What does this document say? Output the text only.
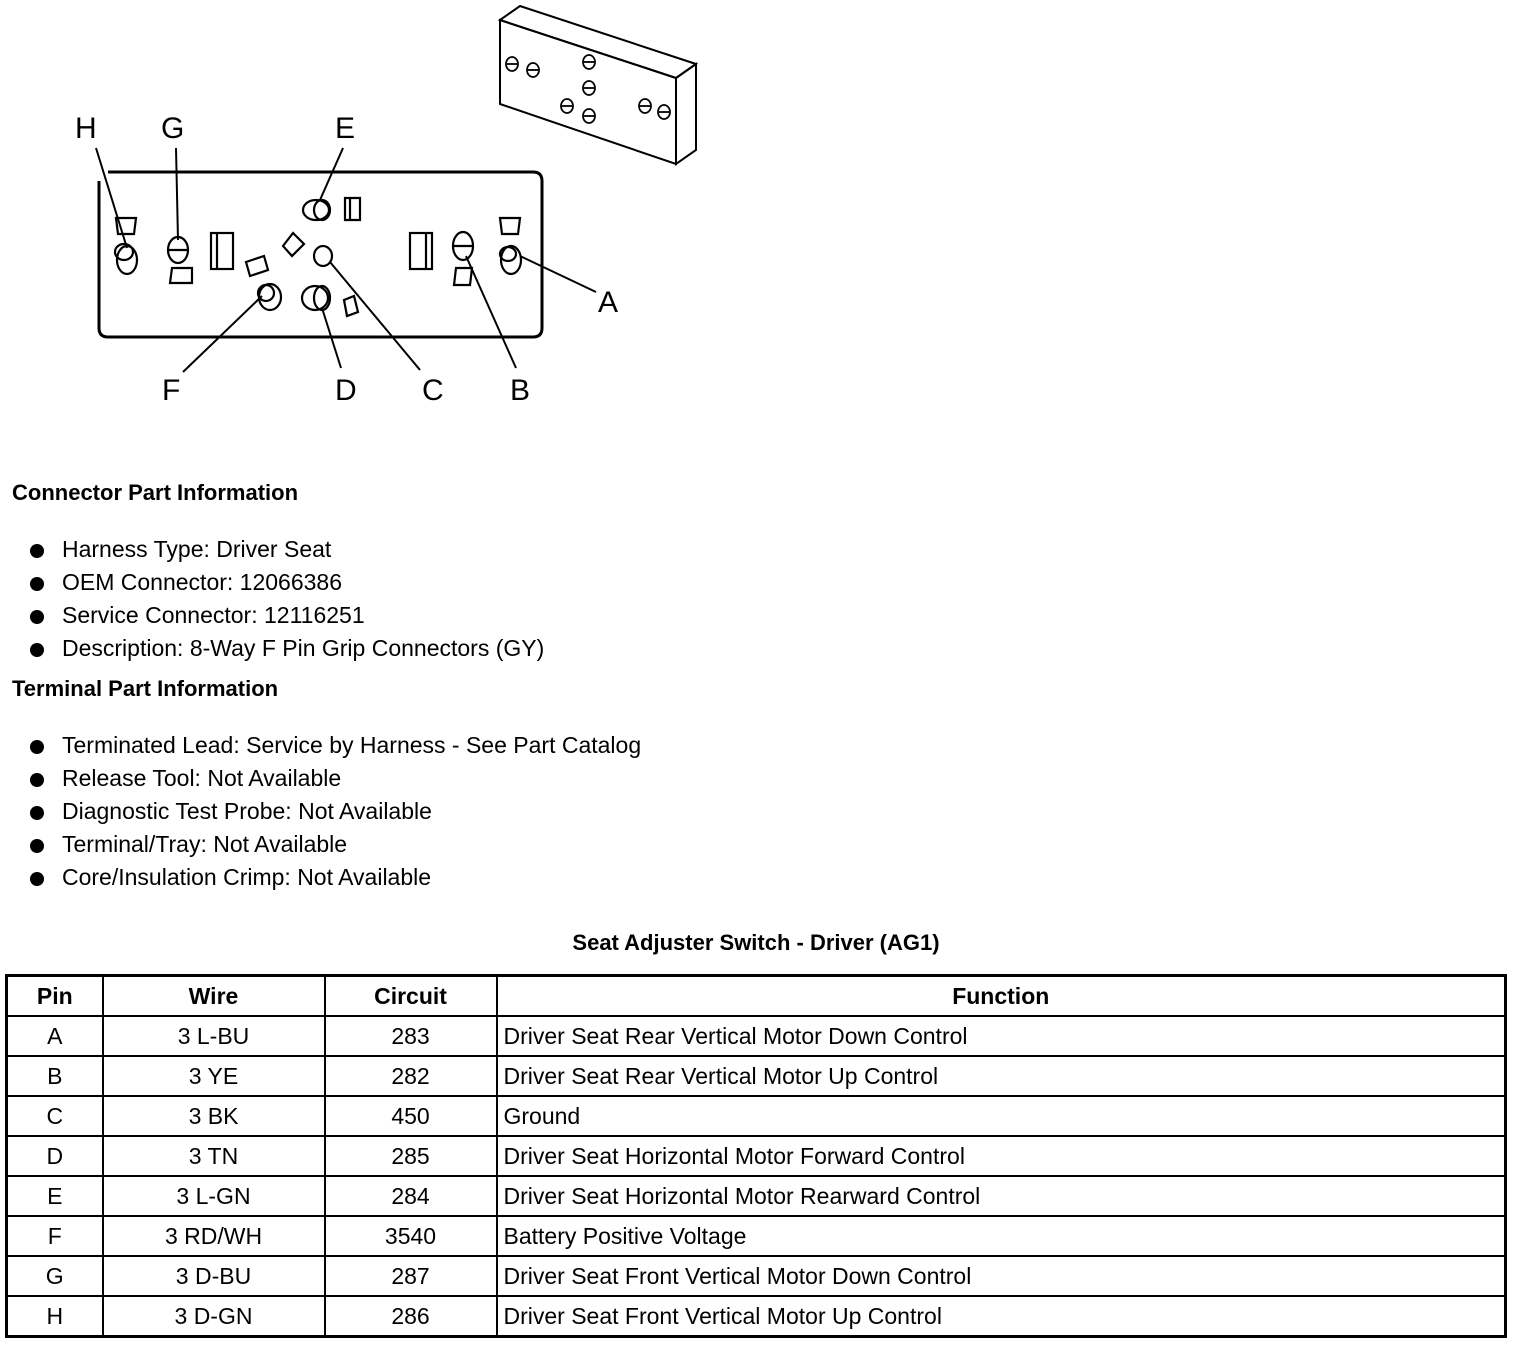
H G	E
A
F	D C B
Connector Part Information
Harness Type: Driver Seat
OEM Connector: 12066386
Service Connector: 12116251
Description: 8-Way F Pin Grip Connectors (GY)
Terminal Part Information
Terminated Lead: Service by Harness - See Part Catalog
Release Tool: Not Available
Diagnostic Test Probe: Not Available
Terminal/Tray: Not Available
Core/Insulation Crimp: Not Available
Seat Adjuster Switch - Driver (AG1)
Pin	Wire	Circuit	Function
A	3 L-BU	283	Driver Seat Rear Vertical Motor Down Control
B	3 YE	282	Driver Seat Rear Vertical Motor Up Control
C	3 BK	450	Ground
D	3 TN	285	Driver Seat Horizontal Motor Forward Control
E	3 L-GN	284	Driver Seat Horizontal Motor Rearward Control
F	3 RD/WH	3540	Battery Positive Voltage
G	3 D-BU	287	Driver Seat Front Vertical Motor Down Control
H	3 D-GN	286	Driver Seat Front Vertical Motor Up Control
